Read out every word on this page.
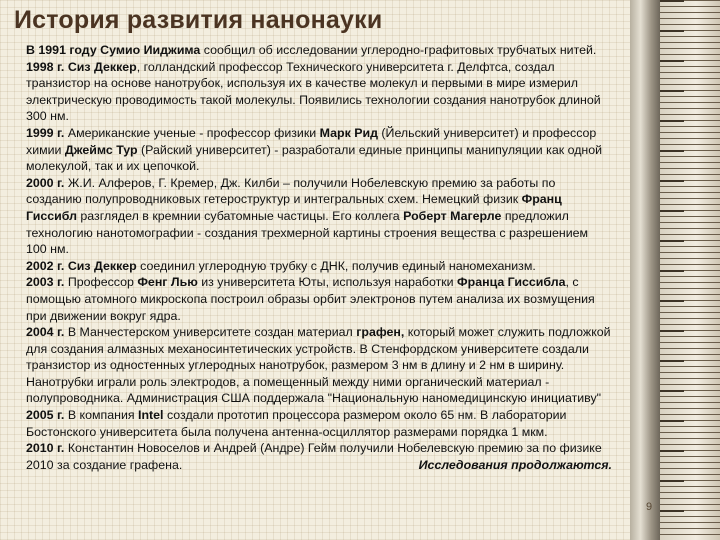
История развития нанонауки

В 1991 году Сумио Ииджима сообщил об исследовании углеродно-графитовых трубчатых нитей.

1998 г. Сиз Деккер, голландский профессор Технического университета г. Делфтса, создал транзистор на основе нанотрубок, используя их в качестве молекул и первыми в мире измерил электрическую проводимость такой молекулы. Появились технологии создания нанотрубок длиной 300 нм.

1999 г. Американские ученые - профессор физики Марк Рид (Йельский университет) и профессор химии Джеймс Тур (Райский университет) - разработали единые принципы манипуляции как одной молекулой, так и их цепочкой.

2000 г. Ж.И. Алферов, Г. Кремер, Дж. Килби – получили Нобелевскую премию за работы по созданию полупроводниковых гетероструктур и интегральных схем. Немецкий физик Франц Гиссибл разглядел в кремнии субатомные частицы. Его коллега Роберт Магерле предложил технологию нанотомографии - создания трехмерной картины строения вещества с разрешением 100 нм.

2002 г. Сиз Деккер соединил углеродную трубку с ДНК, получив единый наномеханизм.

2003 г. Профессор Фенг Лью из университета Юты, используя наработки Франца Гиссибла, с помощью атомного микроскопа построил образы орбит электронов путем анализа их возмущения при движении вокруг ядра.

2004 г. В Манчестерском университете создан материал графен, который может служить подложкой для создания алмазных механосинтетических устройств. В Стенфордском университете создали транзистор из одностенных углеродных нанотрубок, размером 3 нм в длину и 2 нм в ширину. Нанотрубки играли роль электродов, а помещенный между ними органический материал - полупроводника. Администрация США поддержала "Национальную наномедицинскую инициативу"

2005 г. В компания Intel создали прототип процессора размером около 65 нм. В лаборатории Бостонского университета была получена антенна-осциллятор размерами порядка 1 мкм.

2010 г. Константин Новоселов и Андрей (Андре) Гейм получили Нобелевскую премию за по физике 2010 за создание графена.	Исследования продолжаются.

9
